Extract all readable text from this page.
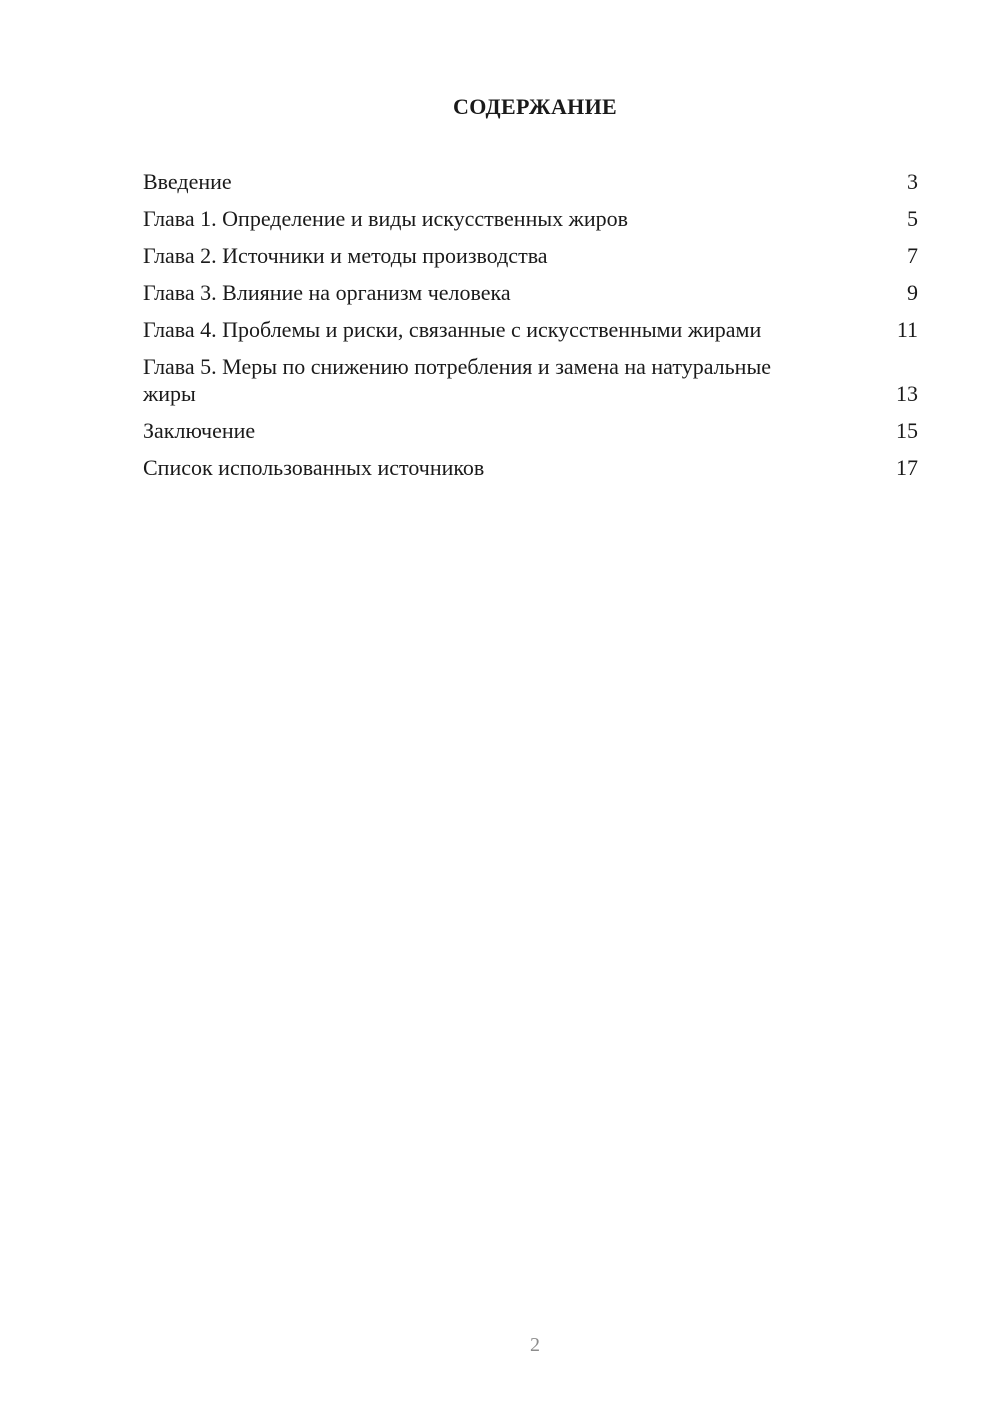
СОДЕРЖАНИЕ
Введение	3
Глава 1. Определение и виды искусственных жиров	5
Глава 2. Источники и методы производства	7
Глава 3. Влияние на организм человека	9
Глава 4. Проблемы и риски, связанные с искусственными жирами	11
Глава 5. Меры по снижению потребления и замена на натуральные жиры	13
Заключение	15
Список использованных источников	17
2
